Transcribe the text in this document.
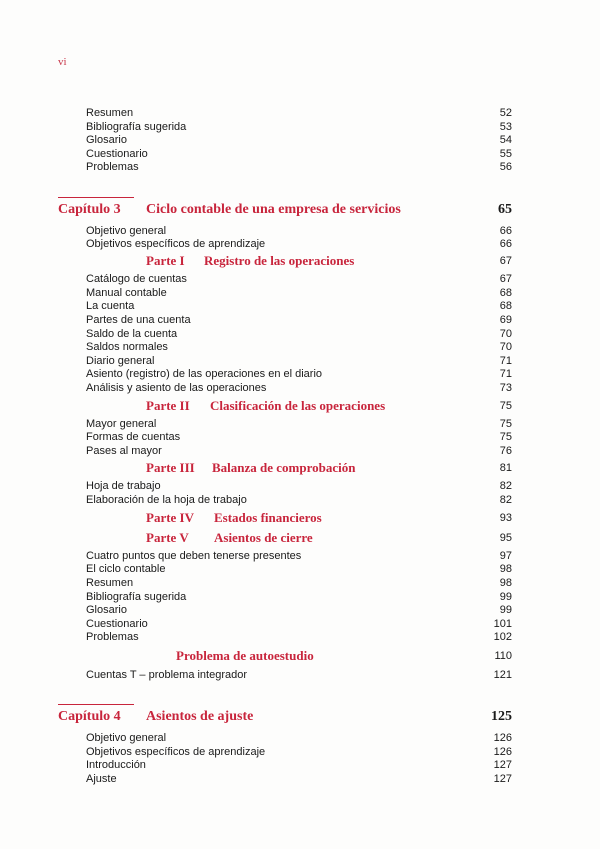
vi
Resumen	52
Bibliografía sugerida	53
Glosario	54
Cuestionario	55
Problemas	56
Capítulo 3 Ciclo contable de una empresa de servicios	65
Objetivo general	66
Objetivos específicos de aprendizaje	66
Parte I Registro de las operaciones	67
Catálogo de cuentas	67
Manual contable	68
La cuenta	68
Partes de una cuenta	69
Saldo de la cuenta	70
Saldos normales	70
Diario general	71
Asiento (registro) de las operaciones en el diario	71
Análisis y asiento de las operaciones	73
Parte II Clasificación de las operaciones	75
Mayor general	75
Formas de cuentas	75
Pases al mayor	76
Parte III Balanza de comprobación	81
Hoja de trabajo	82
Elaboración de la hoja de trabajo	82
Parte IV Estados financieros	93
Parte V Asientos de cierre	95
Cuatro puntos que deben tenerse presentes	97
El ciclo contable	98
Resumen	98
Bibliografía sugerida	99
Glosario	99
Cuestionario	101
Problemas	102
Problema de autoestudio	110
Cuentas T – problema integrador	121
Capítulo 4 Asientos de ajuste	125
Objetivo general	126
Objetivos específicos de aprendizaje	126
Introducción	127
Ajuste	127
